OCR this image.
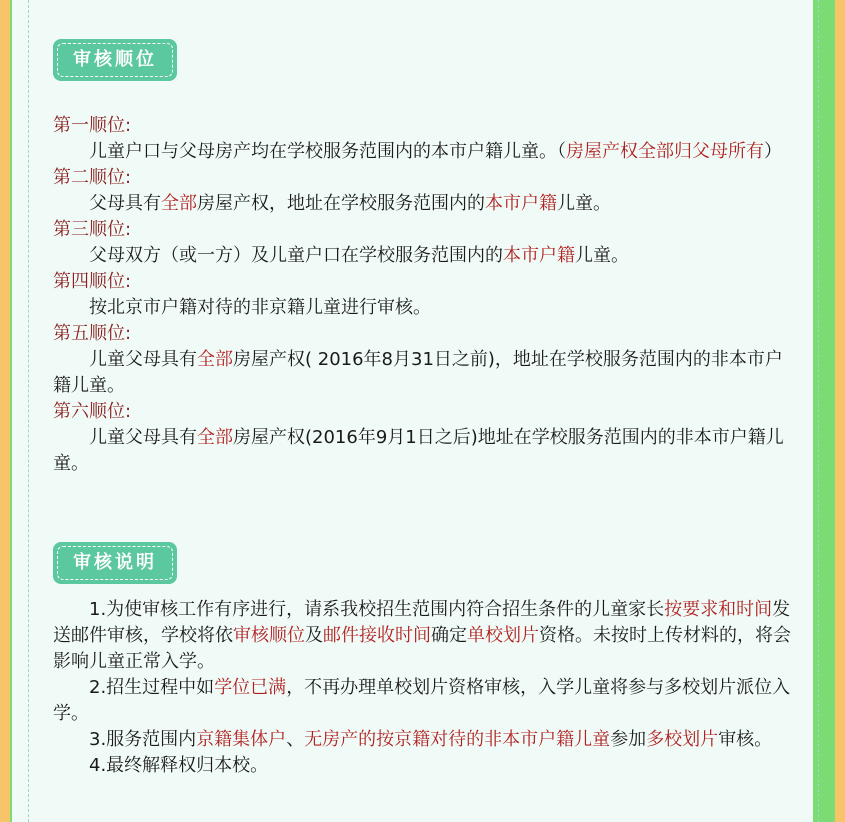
审核顺位
第一顺位:
儿童户口与父母房产均在学校服务范围内的本市户籍儿童。（房屋产权全部归父母所有）
第二顺位:
父母具有全部房屋产权，地址在学校服务范围内的本市户籍儿童。
第三顺位:
父母双方（或一方）及儿童户口在学校服务范围内的本市户籍儿童。
第四顺位:
按北京市户籍对待的非京籍儿童进行审核。
第五顺位:
儿童父母具有全部房屋产权( 2016年8月31日之前)，地址在学校服务范围内的非本市户籍儿童。
第六顺位:
儿童父母具有全部房屋产权(2016年9月1日之后)地址在学校服务范围内的非本市户籍儿童。
审核说明
1.为使审核工作有序进行，请系我校招生范围内符合招生条件的儿童家长按要求和时间发送邮件审核，学校将依审核顺位及邮件接收时间确定单校划片资格。未按时上传材料的，将会影响儿童正常入学。
2.招生过程中如学位已满，不再办理单校划片资格审核，入学儿童将参与多校划片派位入学。
3.服务范围内京籍集体户、无房产的按京籍对待的非本市户籍儿童参加多校划片审核。
4.最终解释权归本校。
